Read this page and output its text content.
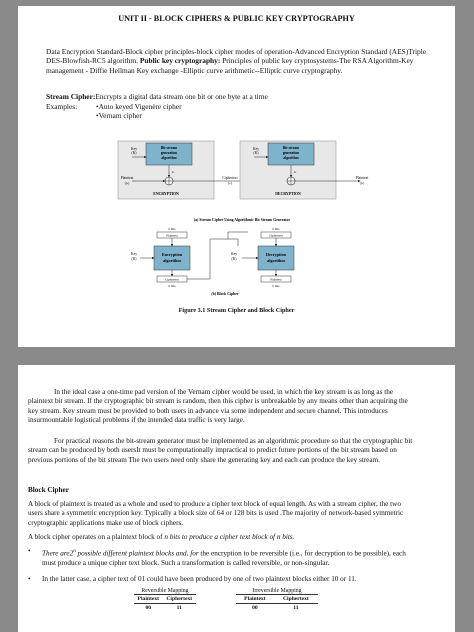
UNIT II - BLOCK CIPHERS & PUBLIC KEY CRYPTOGRAPHY
Data Encryption Standard-Block cipher principles-block cipher modes of operation-Advanced Encryption Standard (AES)Triple DES-Blowfish-RC5 algorithm. Public key cryptography: Principles of public key cryptosystems-The RSA Algorithm-Key management - Diffie Hellman Key exchange -Elliptic curve arithmetic--Elliptic curve cryptography.
Stream Cipher:Encrypts a digital data stream one bit or one byte at a time
Examples:	•Auto keyed Vigenère cipher
•Vernam cipher
Bit-stream
generation
algorithm
Key
(K)
kᵢ
Plaintext
(pᵢ)
ENCRYPTION
Ciphertext
(cᵢ)
Bit-stream
generation
algorithm
Key
(K)
kᵢ
Plaintext
(pᵢ)
DECRYPTION
(a) Stream Cipher Using Algorithmic Bit Stream Generator
b bits
Plaintext
Encryption
algorithm
Key
(K)
Ciphertext
b bits
b bits
Ciphertext
Decryption
algorithm
Key
(K)
Plaintext
b bits
(b) Block Cipher
Figure 3.1 Stream Cipher and Block Cipher
In the ideal case a one-time pad version of the Vernam cipher would be used, in which the key stream is as long as the plaintext bit stream. If the cryptographic bit stream is random, then this cipher is unbreakable by any means other than acquiring the key stream. Key stream must be provided to both users in advance via some independent and secure channel. This introduces insurmountable logistical problems if the intended data traffic is very large.
For practical reasons the bit-stream generator must be implemented as an algorithmic procedure so that the cryptographic bit stream can be produced by both usersIt must be computationally impractical to predict future portions of the bit stream based on previous portions of the bit stream The two users need only share the generating key and each can produce the key stream.
Block Cipher
A block of plaintext is treated as a whole and used to produce a cipher text block of equal length. As with a stream cipher, the two users share a symmetric encryption key. Typically a block size of 64 or 128 bits is used .The majority of network-based symmetric cryptographic applications make use of block ciphers.
A block cipher operates on a plaintext block of n bits to produce a cipher text block of n bits.
• There are2$^n$ possible different plaintext blocks and, for the encryption to be reversible (i.e., for decryption to be possible), each must produce a unique cipher text block. Such a transformation is called reversible, or non-singular.
• In the latter case, a cipher text of 01 could have been produced by one of two plaintext blocks either 10 or 11.
Reversible Mapping
Plaintext	Ciphertext
00	11
Irreversible Mapping
Plaintext	Ciphertext
00	11
